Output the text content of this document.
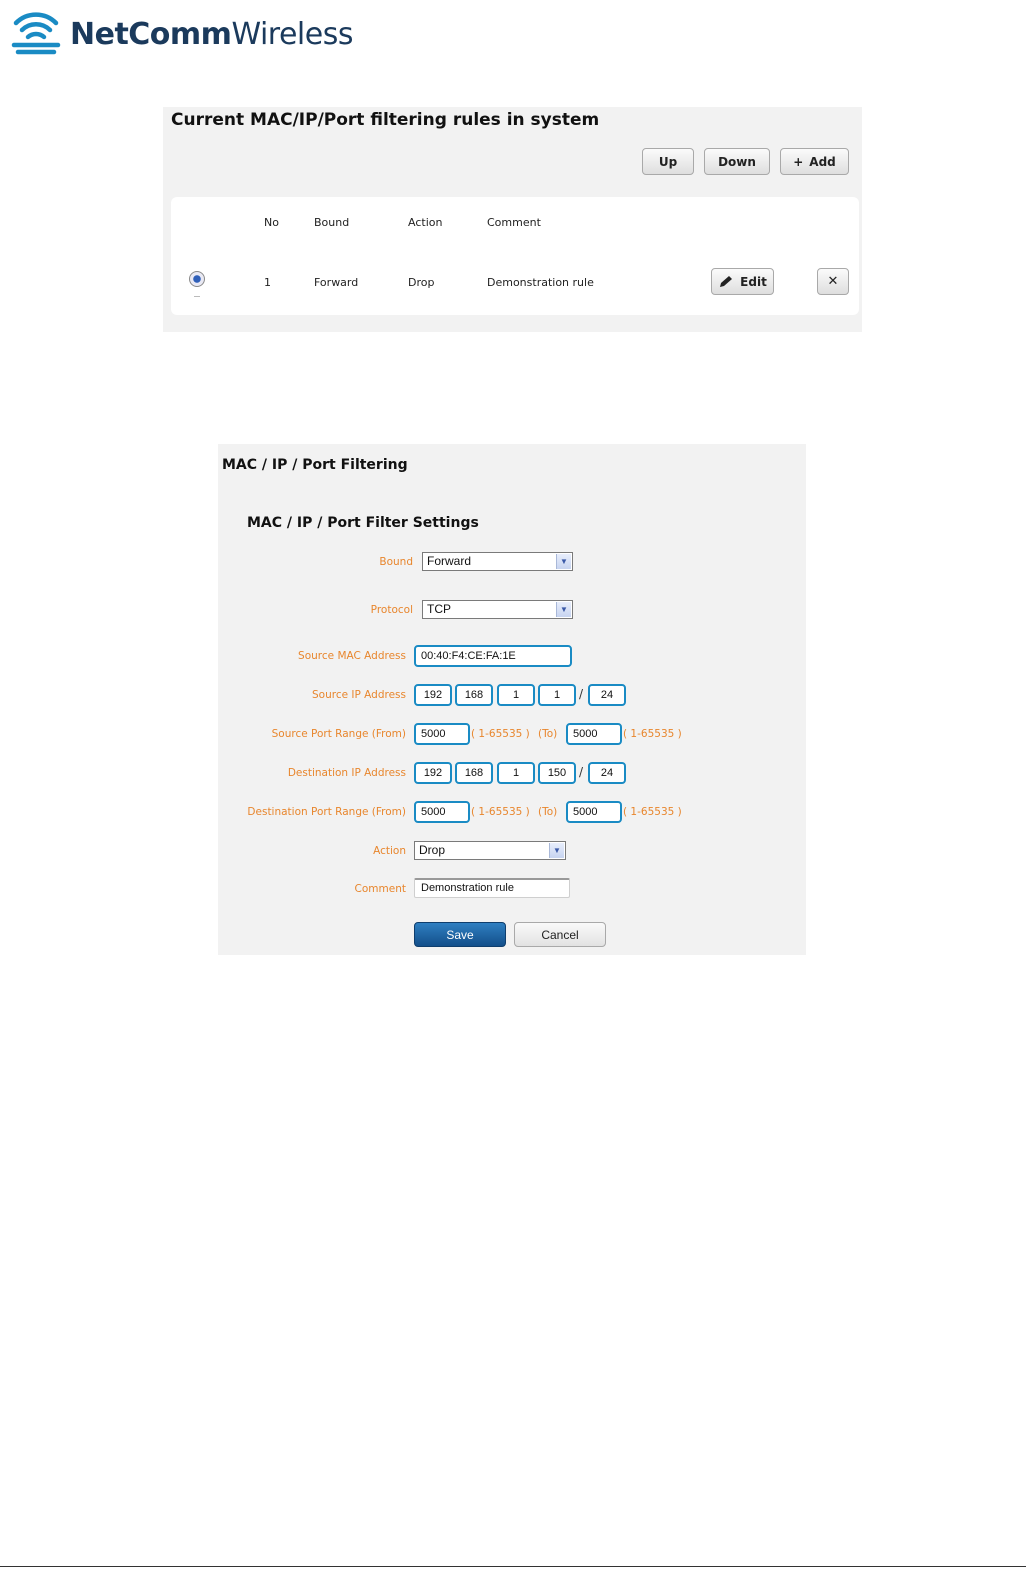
NetCommWireless
Current MAC/IP/Port filtering rules in system
Up	Down	+ Add
No	Bound	Action	Comment
1	Forward	Drop	Demonstration rule	Edit	✕
MAC / IP / Port Filtering
MAC / IP / Port Filter Settings
Bound	Forward	▼
Protocol	TCP	▼
Source MAC Address	00:40:F4:CE:FA:1E
Source IP Address	192	168	1	1	/	24
Source Port Range (From)	5000	( 1-65535 ) (To)	5000	( 1-65535 )
Destination IP Address	192	168	1	150	/	24
Destination Port Range (From)	5000	( 1-65535 ) (To)	5000	( 1-65535 )
Action	Drop	▼
Comment	Demonstration rule
Save	Cancel
